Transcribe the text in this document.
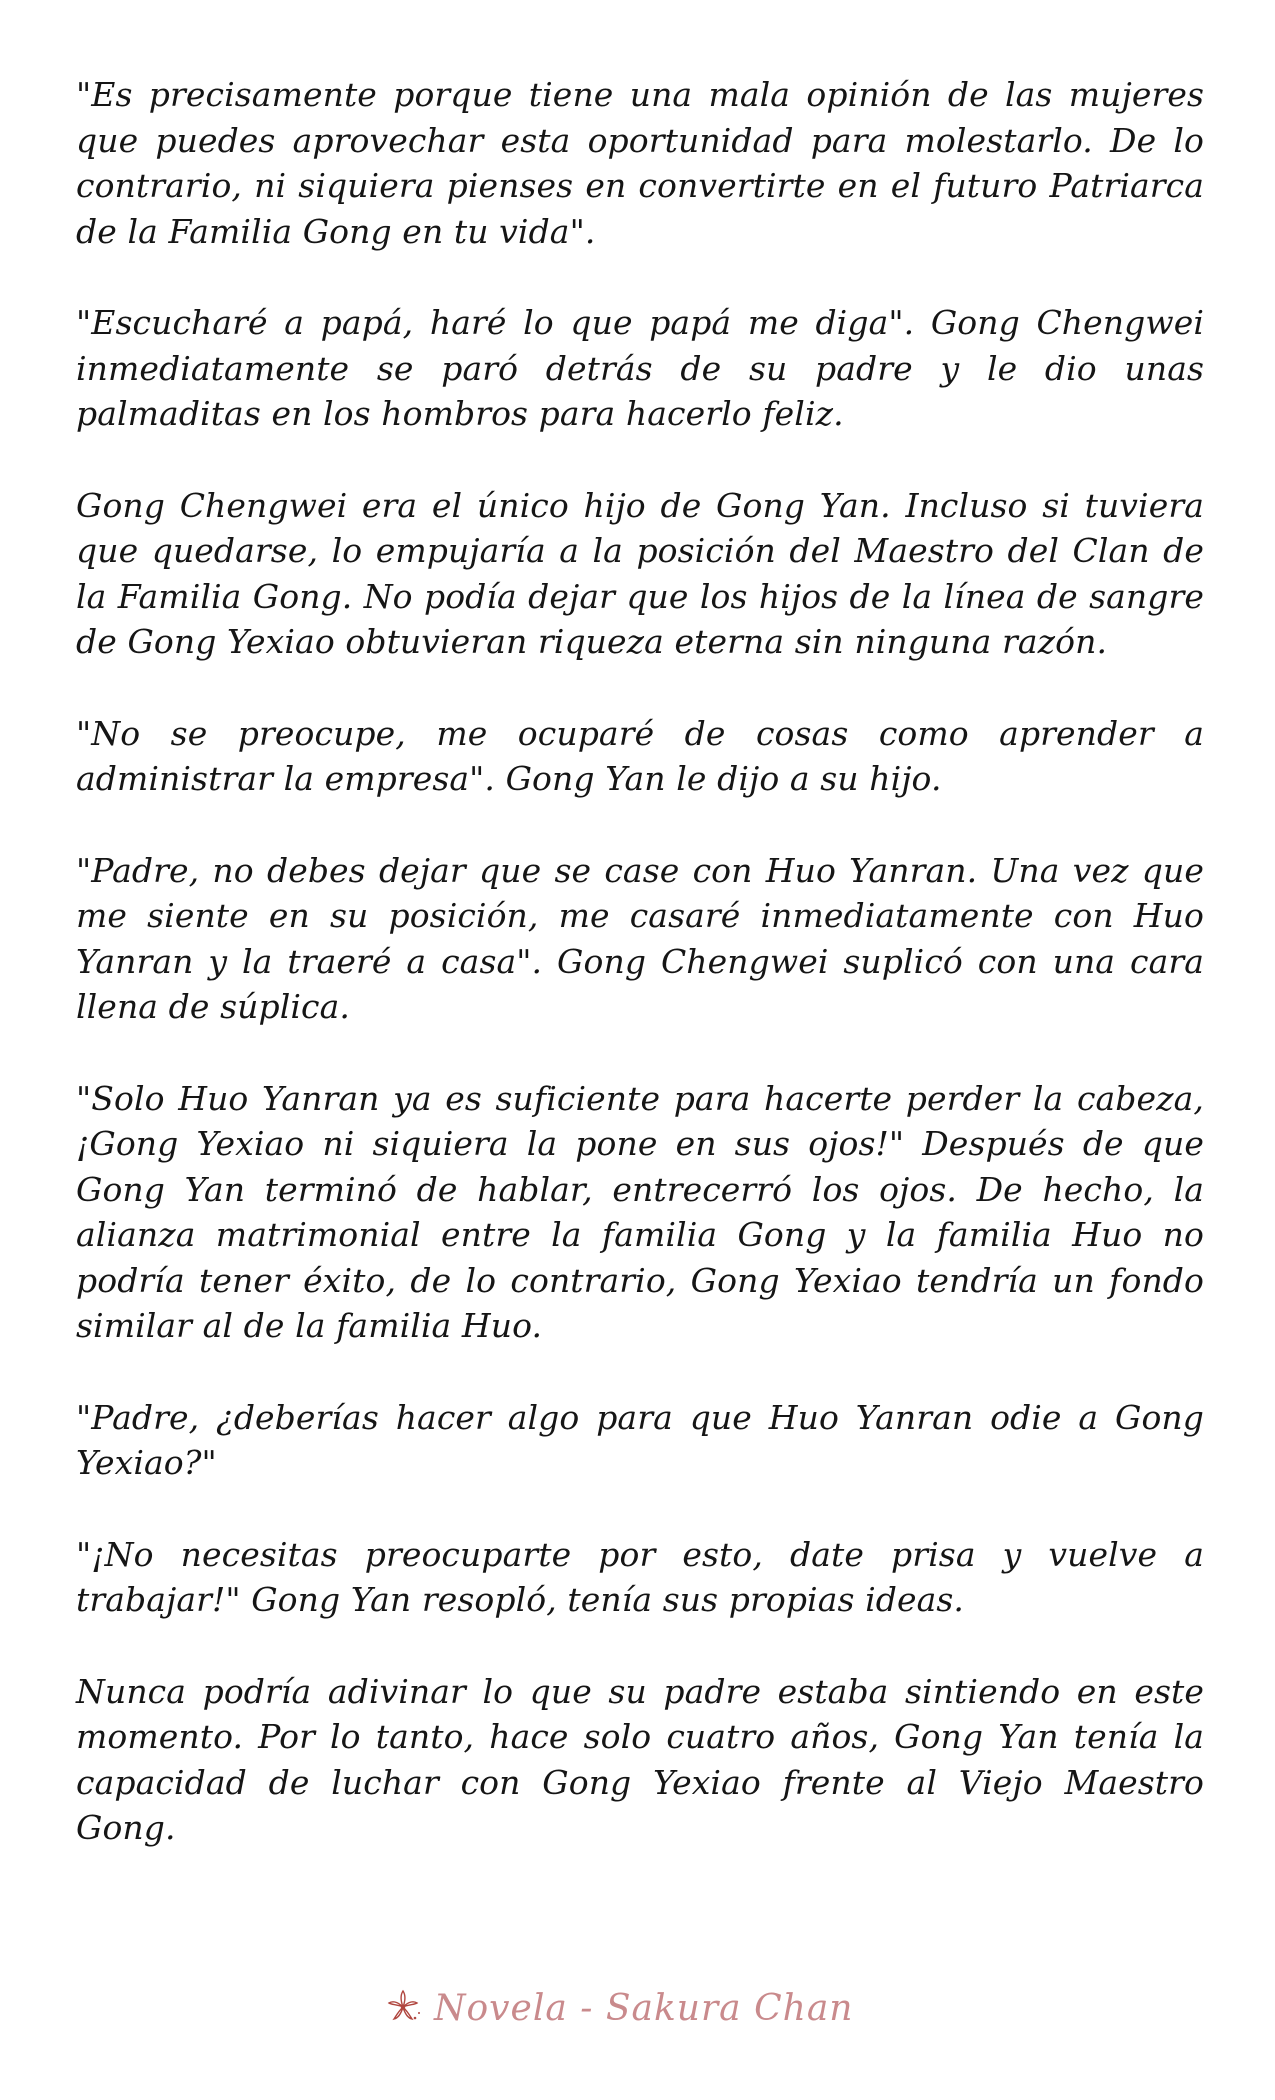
"Es precisamente porque tiene una mala opinión de las mujeres que puedes aprovechar esta oportunidad para molestarlo. De lo contrario, ni siquiera pienses en convertirte en el futuro Patriarca de la Familia Gong en tu vida".

"Escucharé a papá, haré lo que papá me diga". Gong Chengwei inmediatamente se paró detrás de su padre y le dio unas palmaditas en los hombros para hacerlo feliz.

Gong Chengwei era el único hijo de Gong Yan. Incluso si tuviera que quedarse, lo empujaría a la posición del Maestro del Clan de la Familia Gong. No podía dejar que los hijos de la línea de sangre de Gong Yexiao obtuvieran riqueza eterna sin ninguna razón.

"No se preocupe, me ocuparé de cosas como aprender a administrar la empresa". Gong Yan le dijo a su hijo.

"Padre, no debes dejar que se case con Huo Yanran. Una vez que me siente en su posición, me casaré inmediatamente con Huo Yanran y la traeré a casa". Gong Chengwei suplicó con una cara llena de súplica.

"Solo Huo Yanran ya es suficiente para hacerte perder la cabeza, ¡Gong Yexiao ni siquiera la pone en sus ojos!" Después de que Gong Yan terminó de hablar, entrecerró los ojos. De hecho, la alianza matrimonial entre la familia Gong y la familia Huo no podría tener éxito, de lo contrario, Gong Yexiao tendría un fondo similar al de la familia Huo.

"Padre, ¿deberías hacer algo para que Huo Yanran odie a Gong Yexiao?"

"¡No necesitas preocuparte por esto, date prisa y vuelve a trabajar!" Gong Yan resopló, tenía sus propias ideas.

Nunca podría adivinar lo que su padre estaba sintiendo en este momento. Por lo tanto, hace solo cuatro años, Gong Yan tenía la capacidad de luchar con Gong Yexiao frente al Viejo Maestro Gong.

Novela - Sakura Chan
